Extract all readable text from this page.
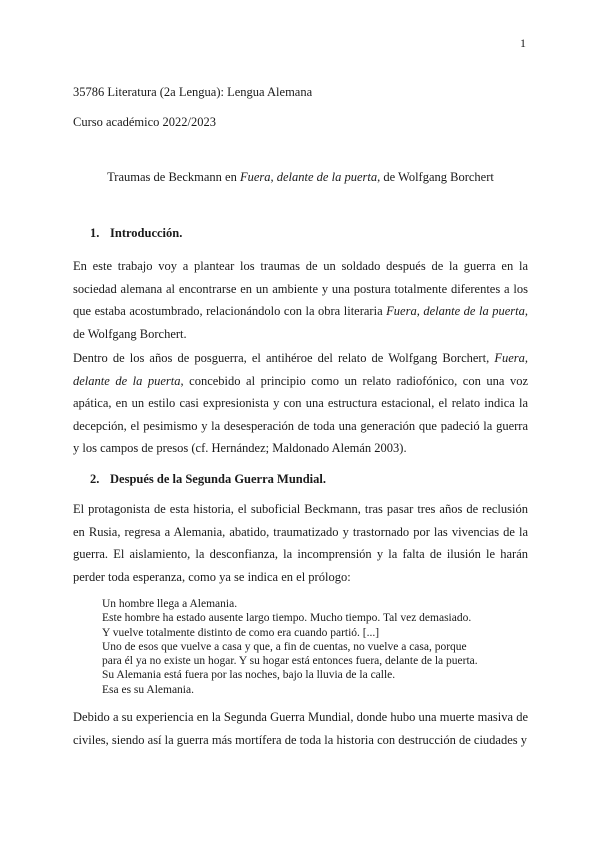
1
35786 Literatura (2a Lengua): Lengua Alemana
Curso académico 2022/2023
Traumas de Beckmann en Fuera, delante de la puerta, de Wolfgang Borchert
1. Introducción.

En este trabajo voy a plantear los traumas de un soldado después de la guerra en la sociedad alemana al encontrarse en un ambiente y una postura totalmente diferentes a los que estaba acostumbrado, relacionándolo con la obra literaria Fuera, delante de la puerta, de Wolfgang Borchert.

Dentro de los años de posguerra, el antihéroe del relato de Wolfgang Borchert, Fuera, delante de la puerta, concebido al principio como un relato radiofónico, con una voz apática, en un estilo casi expresionista y con una estructura estacional, el relato indica la decepción, el pesimismo y la desesperación de toda una generación que padeció la guerra y los campos de presos (cf. Hernández; Maldonado Alemán 2003).

2. Después de la Segunda Guerra Mundial.

El protagonista de esta historia, el suboficial Beckmann, tras pasar tres años de reclusión en Rusia, regresa a Alemania, abatido, traumatizado y trastornado por las vivencias de la guerra. El aislamiento, la desconfianza, la incomprensión y la falta de ilusión le harán perder toda esperanza, como ya se indica en el prólogo:

Un hombre llega a Alemania.
Este hombre ha estado ausente largo tiempo. Mucho tiempo. Tal vez demasiado.
Y vuelve totalmente distinto de como era cuando partió. [...]
Uno de esos que vuelve a casa y que, a fin de cuentas, no vuelve a casa, porque
para él ya no existe un hogar. Y su hogar está entonces fuera, delante de la puerta.
Su Alemania está fuera por las noches, bajo la lluvia de la calle.
Esa es su Alemania.

Debido a su experiencia en la Segunda Guerra Mundial, donde hubo una muerte masiva de civiles, siendo así la guerra más mortífera de toda la historia con destrucción de ciudades y
